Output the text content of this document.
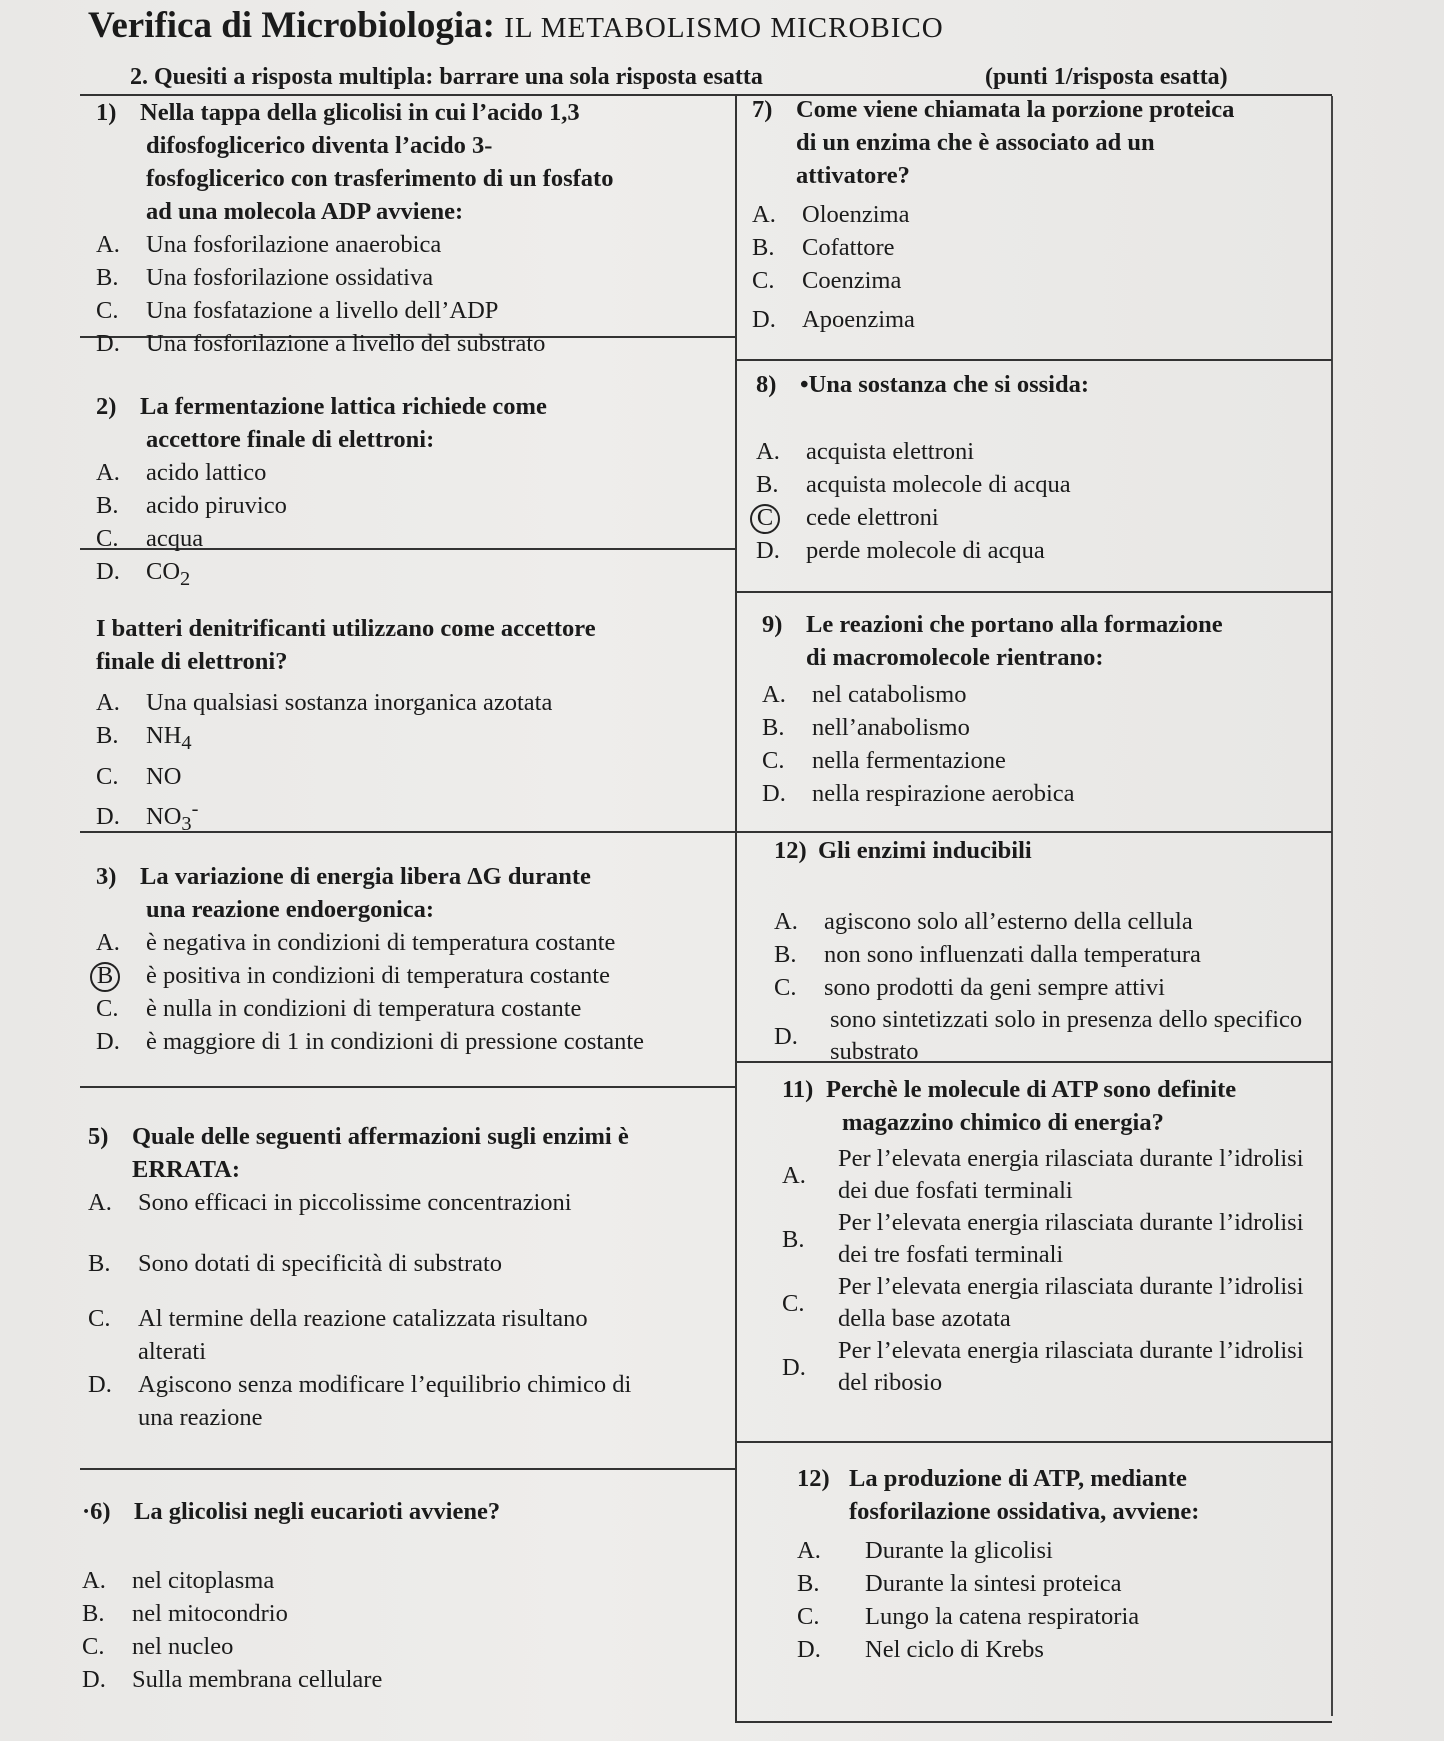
Verifica di Microbiologia: IL METABOLISMO MICROBICO
2. Quesiti a risposta multipla: barrare una sola risposta esatta	(punti 1/risposta esatta)
1) Nella tappa della glicolisi in cui l’acido 1,3
difosfoglicerico diventa l’acido 3-
fosfoglicerico con trasferimento di un fosfato
ad una molecola ADP avviene:
A. Una fosforilazione anaerobica
B. Una fosforilazione ossidativa
C. Una fosfatazione a livello dell’ADP
D. Una fosforilazione a livello del substrato
2) La fermentazione lattica richiede come
accettore finale di elettroni:
A. acido lattico
B. acido piruvico
C. acqua
D. $CO_2$
I batteri denitrificanti utilizzano come accettore
finale di elettroni?
A. Una qualsiasi sostanza inorganica azotata
B. $NH_4$
C. NO
D. $NO_3^-$
3) La variazione di energia libera ΔG durante
una reazione endoergonica:
A. è negativa in condizioni di temperatura costante
B è positiva in condizioni di temperatura costante
C. è nulla in condizioni di temperatura costante
D. è maggiore di 1 in condizioni di pressione costante
5) Quale delle seguenti affermazioni sugli enzimi è
ERRATA:
A. Sono efficaci in piccolissime concentrazioni
B. Sono dotati di specificità di substrato
C. Al termine della reazione catalizzata risultano
alterati
D. Agiscono senza modificare l’equilibrio chimico di
una reazione
·6) La glicolisi negli eucarioti avviene?
A. nel citoplasma
B. nel mitocondrio
C. nel nucleo
D. Sulla membrana cellulare
7) Come viene chiamata la porzione proteica
di un enzima che è associato ad un
attivatore?
A. Oloenzima
B. Cofattore
C. Coenzima
D. Apoenzima
8) •Una sostanza che si ossida:
A. acquista elettroni
B. acquista molecole di acqua
C cede elettroni
D. perde molecole di acqua
9) Le reazioni che portano alla formazione
di macromolecole rientrano:
A. nel catabolismo
B. nell’anabolismo
C. nella fermentazione
D. nella respirazione aerobica
12) Gli enzimi inducibili
A. agiscono solo all’esterno della cellula
B. non sono influenzati dalla temperatura
C. sono prodotti da geni sempre attivi
D.
sono sintetizzati solo in presenza dello specifico
substrato
11) Perchè le molecule di ATP sono definite
magazzino chimico di energia?
A.
Per l’elevata energia rilasciata durante l’idrolisi
dei due fosfati terminali
B.
Per l’elevata energia rilasciata durante l’idrolisi
dei tre fosfati terminali
C.
Per l’elevata energia rilasciata durante l’idrolisi
della base azotata
D.
Per l’elevata energia rilasciata durante l’idrolisi
del ribosio
12) La produzione di ATP, mediante
fosforilazione ossidativa, avviene:
A. Durante la glicolisi
B. Durante la sintesi proteica
C. Lungo la catena respiratoria
D. Nel ciclo di Krebs
